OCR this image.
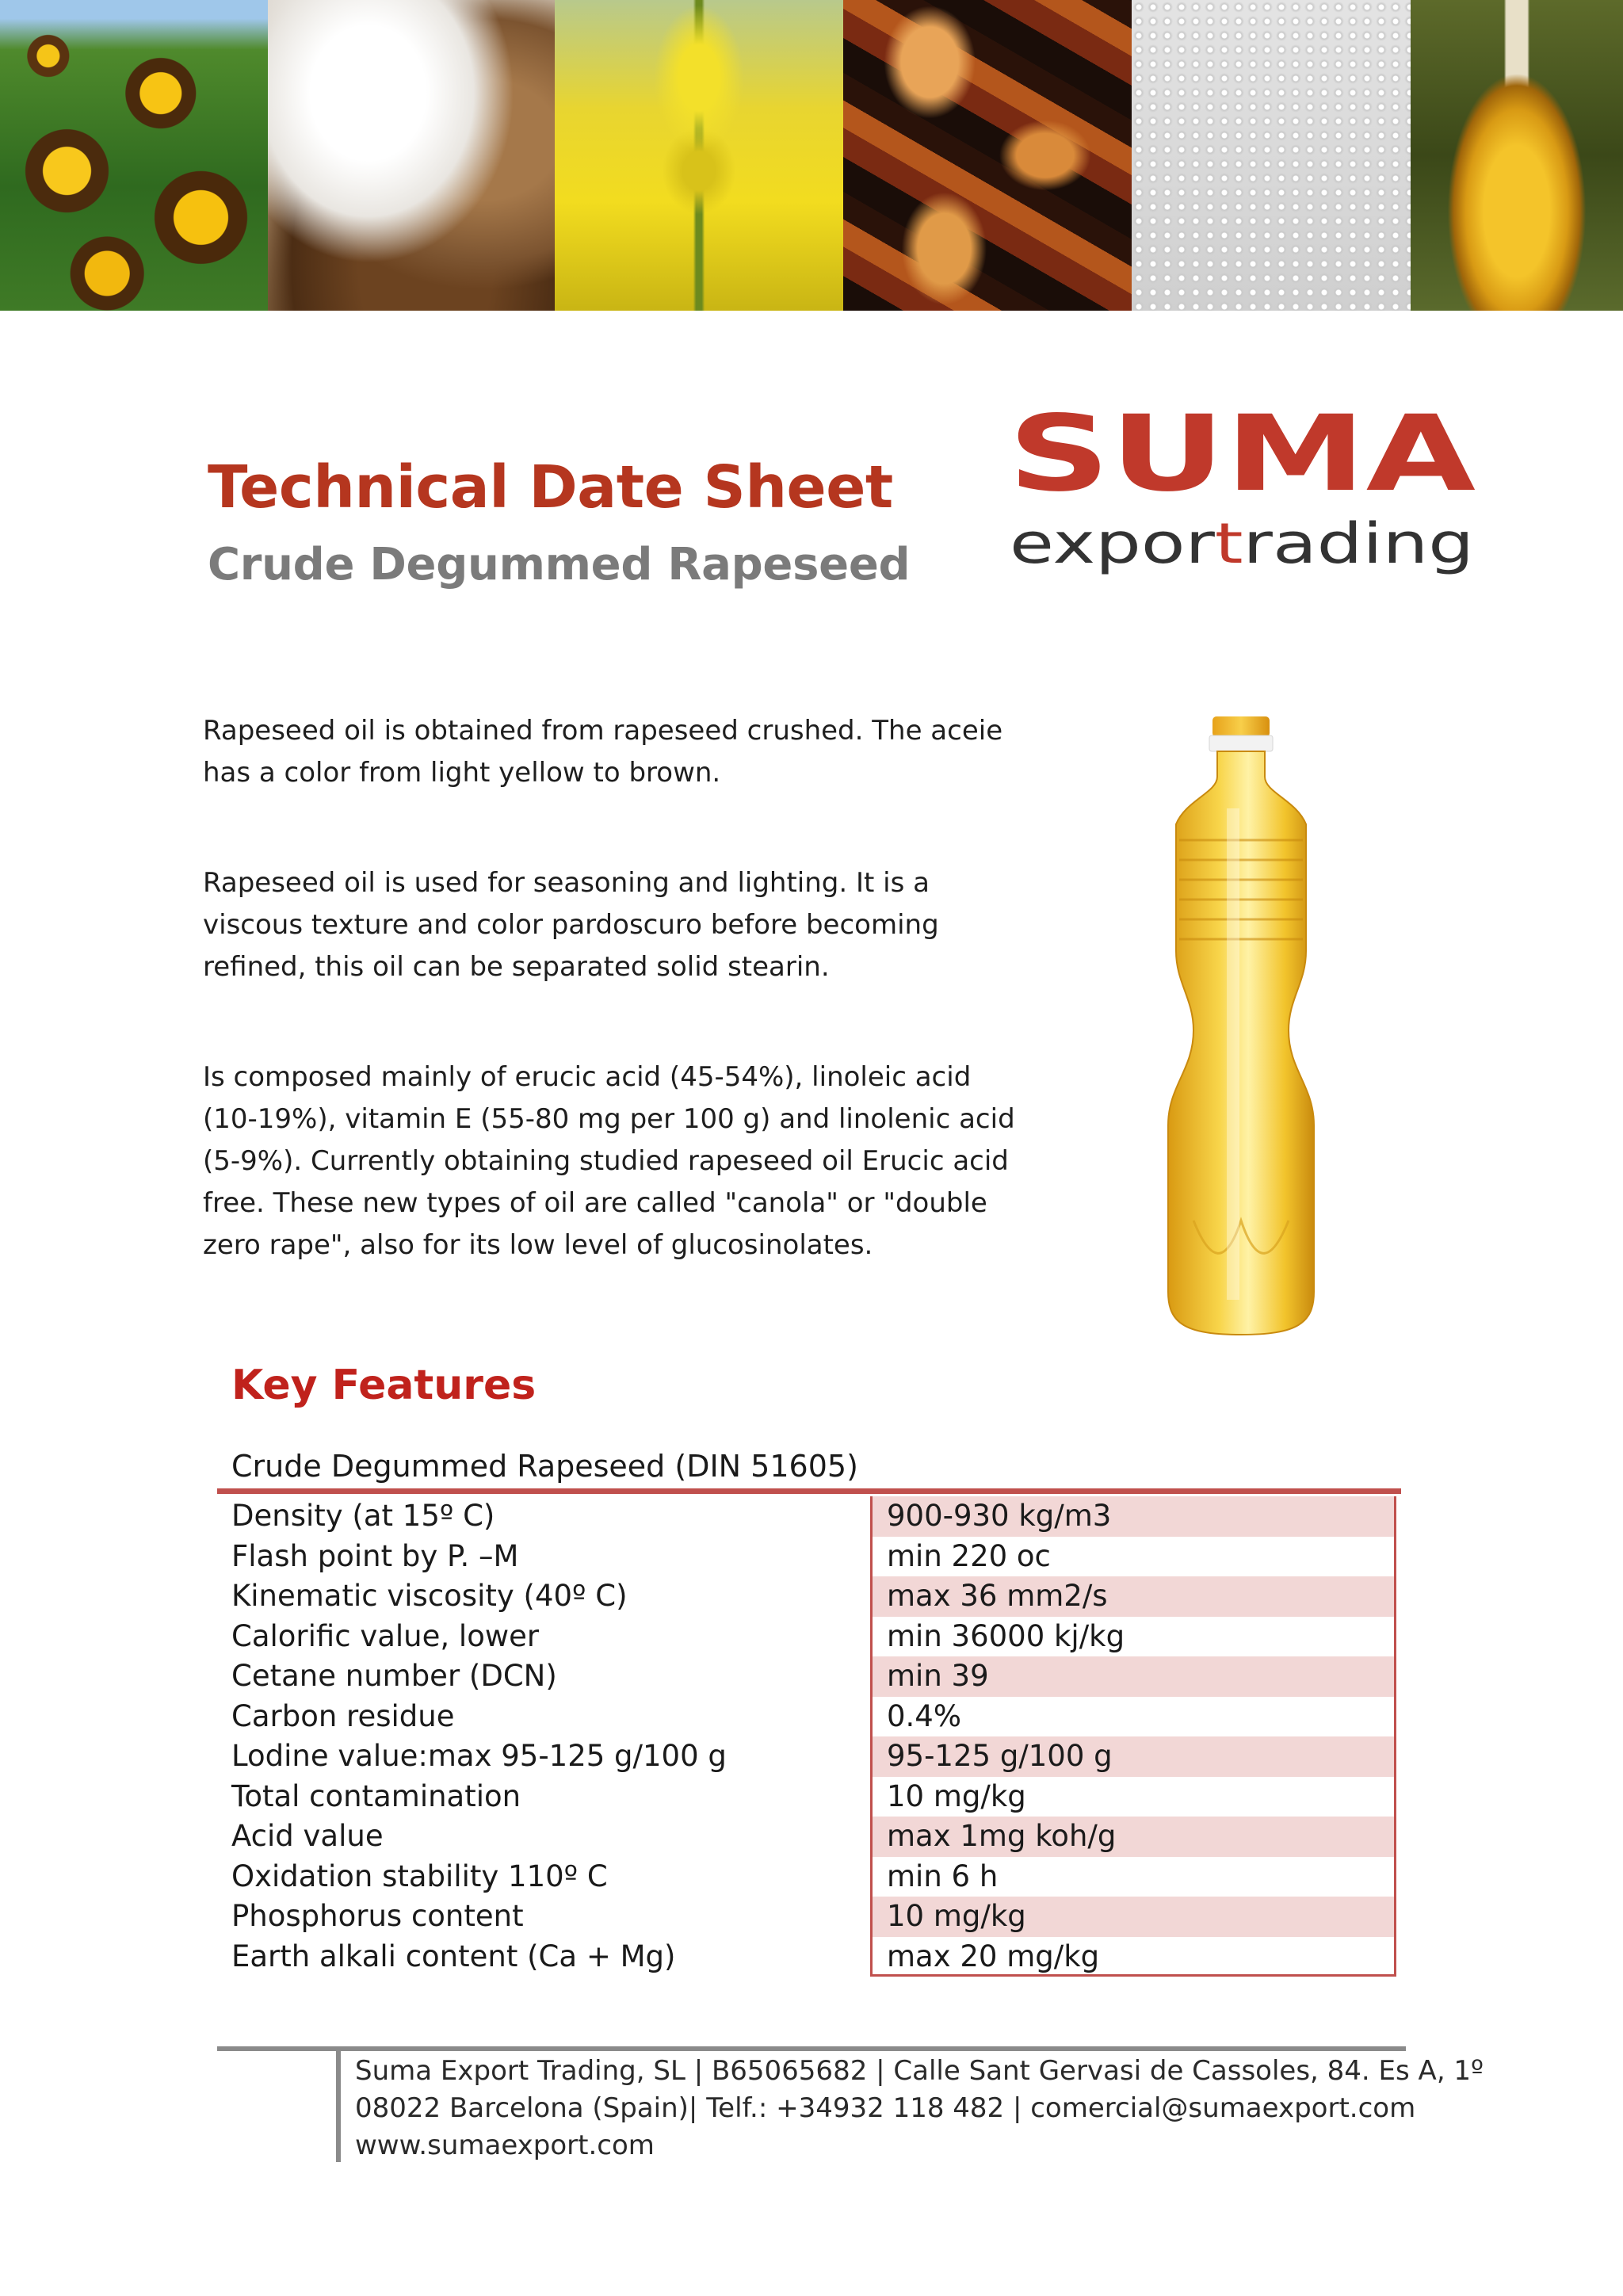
Technical Date Sheet
Crude Degummed Rapeseed
SUMA
expor t rading

Rapeseed oil is obtained from rapeseed crushed. The aceie has a color from light yellow to brown.

Rapeseed oil is used for seasoning and lighting. It is a viscous texture and color pardoscuro before becoming refined, this oil can be separated solid stearin.

Is composed mainly of erucic acid (45-54%), linoleic acid (10-19%), vitamin E (55-80 mg per 100 g) and linolenic acid (5-9%). Currently obtaining studied rapeseed oil Erucic acid free. These new types of oil are called "canola" or "double zero rape", also for its low level of glucosinolates.

Key Features
Crude Degummed Rapeseed (DIN 51605)
Density (at 15º C)	900-930 kg/m3
Flash point by P. –M	min 220 oc
Kinematic viscosity (40º C)	max 36 mm2/s
Calorific value, lower	min 36000 kj/kg
Cetane number (DCN)	min 39
Carbon residue	0.4%
Lodine value:max 95-125 g/100 g	95-125 g/100 g
Total contamination	10 mg/kg
Acid value	max 1mg koh/g
Oxidation stability 110º C	min 6 h
Phosphorus content	10 mg/kg
Earth alkali content (Ca + Mg)	max 20 mg/kg
Suma Export Trading, SL | B65065682 | Calle Sant Gervasi de Cassoles, 84. Es A, 1º
08022 Barcelona (Spain)| Telf.: +34932 118 482 | comercial@sumaexport.com
www.sumaexport.com
